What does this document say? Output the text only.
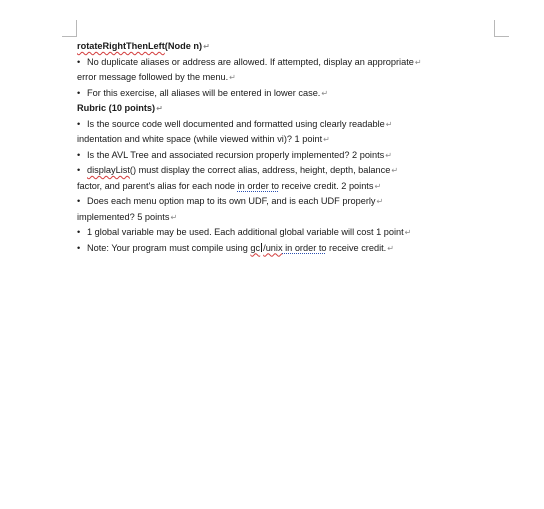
rotateRightThenLeft(Node n)↵
• No duplicate aliases or address are allowed. If attempted, display an appropriate↵
error message followed by the menu.↵
• For this exercise, all aliases will be entered in lower case.↵
Rubric (10 points)↵
• Is the source code well documented and formatted using clearly readable↵
indentation and white space (while viewed within vi)? 1 point↵
• Is the AVL Tree and associated recursion properly implemented? 2 points↵
• displayList() must display the correct alias, address, height, depth, balance↵
factor, and parent's alias for each node in order to receive credit. 2 points↵
• Does each menu option map to its own UDF, and is each UDF properly↵
implemented? 5 points↵
• 1 global variable may be used. Each additional global variable will cost 1 point↵
• Note: Your program must compile using gc /unix in order to receive credit.↵
